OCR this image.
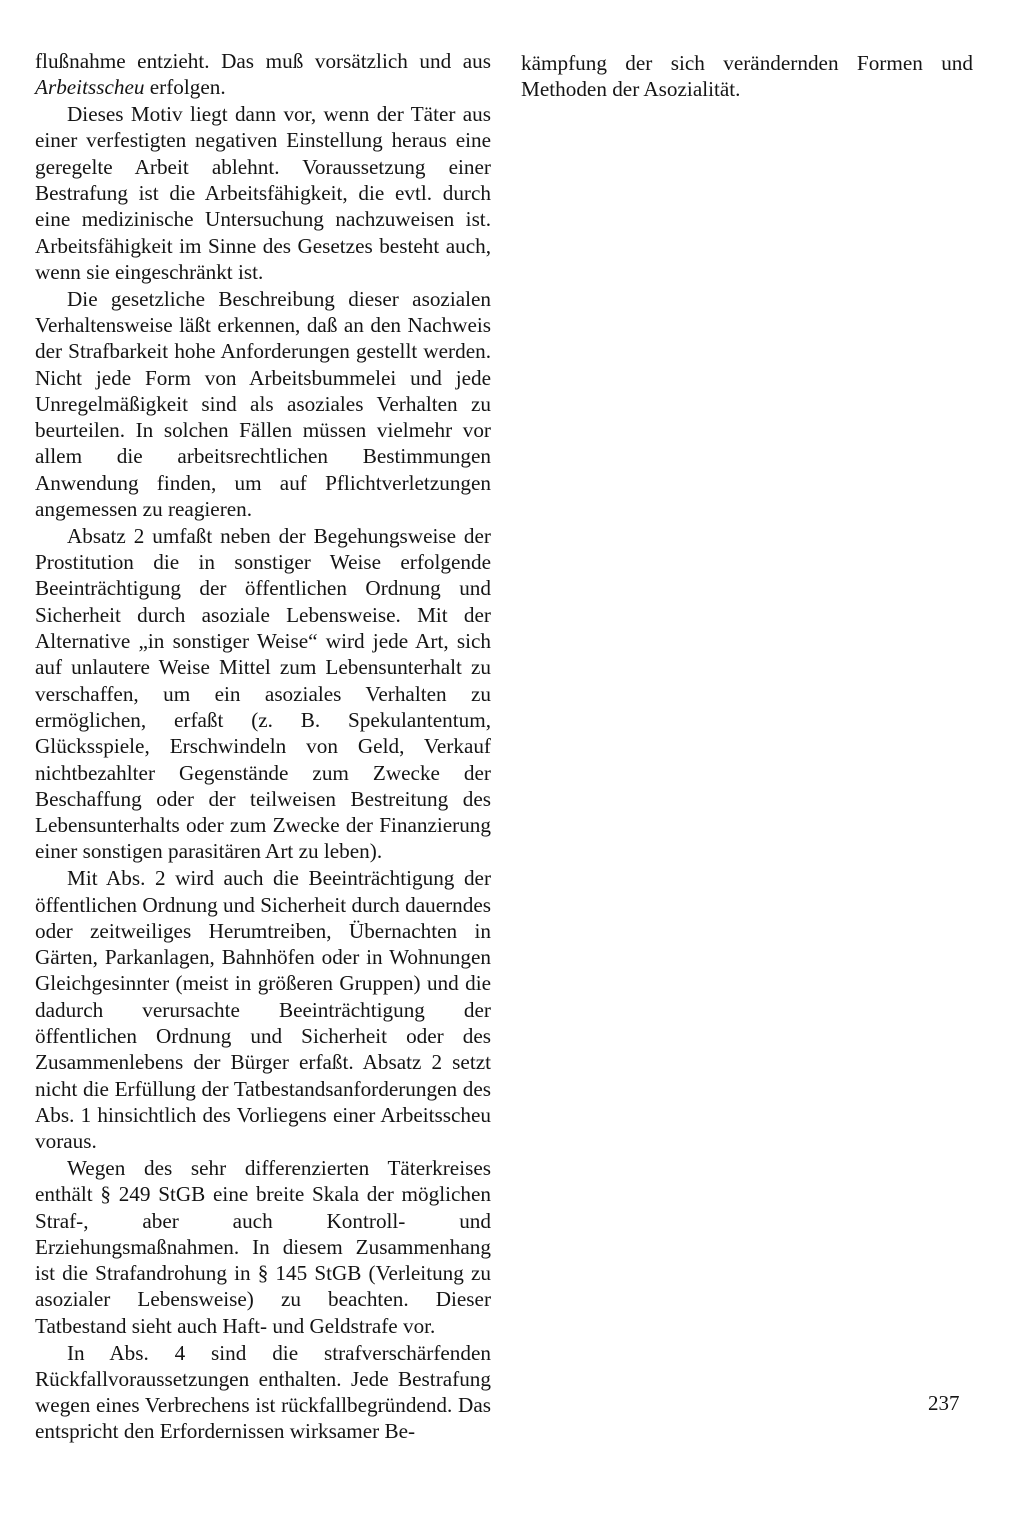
flußnahme entzieht. Das muß vorsätzlich und aus Arbeitsscheu erfolgen.

Dieses Motiv liegt dann vor, wenn der Täter aus einer verfestigten negativen Einstellung heraus eine geregelte Arbeit ablehnt. Voraussetzung einer Bestrafung ist die Arbeitsfähigkeit, die evtl. durch eine medizinische Untersuchung nachzuweisen ist. Arbeitsfähigkeit im Sinne des Gesetzes besteht auch, wenn sie eingeschränkt ist.

Die gesetzliche Beschreibung dieser asozialen Verhaltensweise läßt erkennen, daß an den Nachweis der Strafbarkeit hohe Anforderungen gestellt werden. Nicht jede Form von Arbeitsbummelei und jede Unregelmäßigkeit sind als asoziales Verhalten zu beurteilen. In solchen Fällen müssen vielmehr vor allem die arbeitsrechtlichen Bestimmungen Anwendung finden, um auf Pflichtverletzungen angemessen zu reagieren.

Absatz 2 umfaßt neben der Begehungsweise der Prostitution die in sonstiger Weise erfolgende Beeinträchtigung der öffentlichen Ordnung und Sicherheit durch asoziale Lebensweise. Mit der Alternative „in sonstiger Weise“ wird jede Art, sich auf unlautere Weise Mittel zum Lebensunterhalt zu verschaffen, um ein asoziales Verhalten zu ermöglichen, erfaßt (z. B. Spekulantentum, Glücksspiele, Erschwindeln von Geld, Verkauf nichtbezahlter Gegenstände zum Zwecke der Beschaffung oder der teilweisen Bestreitung des Lebensunterhalts oder zum Zwecke der Finanzierung einer sonstigen parasitären Art zu leben).

Mit Abs. 2 wird auch die Beeinträchtigung der öffentlichen Ordnung und Sicherheit durch dauerndes oder zeitweiliges Herumtreiben, Übernachten in Gärten, Parkanlagen, Bahnhöfen oder in Wohnungen Gleichgesinnter (meist in größeren Gruppen) und die dadurch verursachte Beeinträchtigung der öffentlichen Ordnung und Sicherheit oder des Zusammenlebens der Bürger erfaßt. Absatz 2 setzt nicht die Erfüllung der Tatbestandsanforderungen des Abs. 1 hinsichtlich des Vorliegens einer Arbeitsscheu voraus.

Wegen des sehr differenzierten Täterkreises enthält § 249 StGB eine breite Skala der möglichen Straf-, aber auch Kontroll- und Erziehungsmaßnahmen. In diesem Zusammenhang ist die Strafandrohung in § 145 StGB (Verleitung zu asozialer Lebensweise) zu beachten. Dieser Tatbestand sieht auch Haft- und Geldstrafe vor.

In Abs. 4 sind die strafverschärfenden Rückfallvoraussetzungen enthalten. Jede Bestrafung wegen eines Verbrechens ist rückfallbegründend. Das entspricht den Erfordernissen wirksamer Be-

kämpfung der sich verändernden Formen und Methoden der Asozialität.

237
